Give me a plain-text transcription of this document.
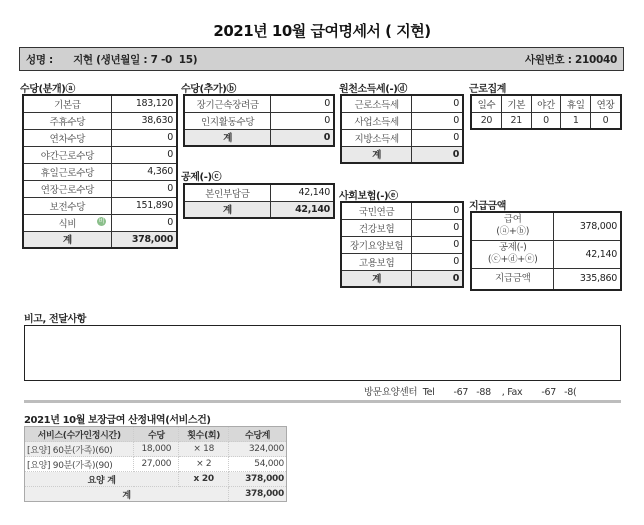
2021년 10월 급여명세서 ( 지현)
성명 :      지현 (생년월일 : 7 -0  15)	사원번호 : 210040
수당(분개)ⓐ
기본급	183,120
주휴수당	38,630
연차수당	0
야간근로수당	0
휴일근로수당	4,360
연장근로수당	0
보전수당	151,890
식비 비	0
계	378,000
수당(추가)ⓑ
장기근속장려금	0
인지활동수당	0
계	0
공제(-)ⓒ
본인부담금	42,140
계	42,140
원천소득세(-)ⓓ
근로소득세	0
사업소득세	0
지방소득세	0
계	0
사회보험(-)ⓔ
국민연금	0
건강보험	0
장기요양보험	0
고용보험	0
계	0
근로집계
일수	기본	야간	휴일	연장
20	21	0	1	0
지급금액
급여
(ⓐ+ⓑ)	378,000

공제(-)
(ⓒ+ⓓ+ⓔ)	42,140
지급금액	335,860
비고, 전달사항
방문요양센터  Tel       -67   -88    , Fax       -67   -8(
2021년 10월 보장급여 산정내역(서비스건)
서비스(수가인정시간)	수당	횟수(회)	수당계
[요양] 60분(가족)(60)	18,000	× 18	324,000
[요양] 90분(가족)(90)	27,000	× 2	54,000
요양 계		x 20	378,000
계			378,000
